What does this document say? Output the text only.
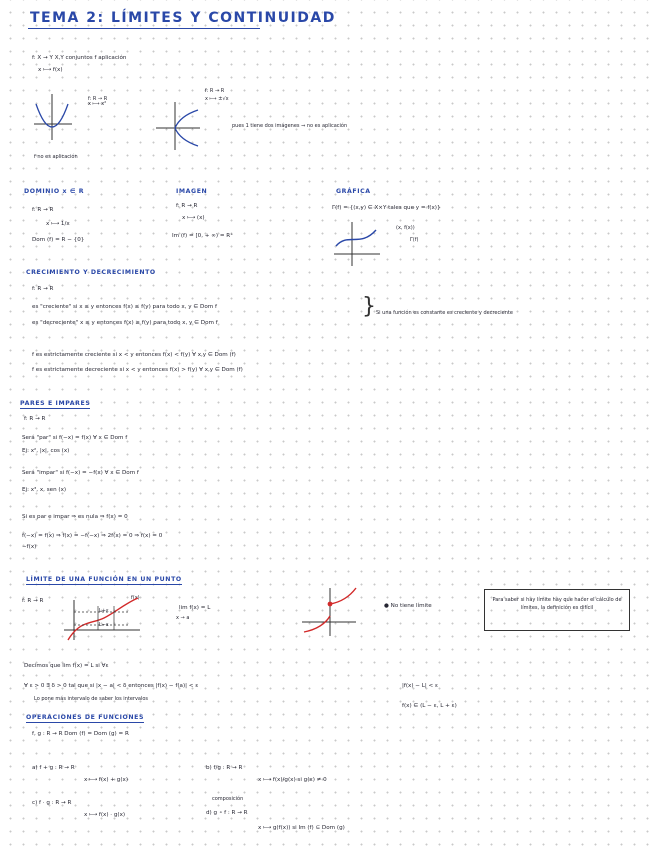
TEMA 2: LÍMITES Y CONTINUIDAD
f: X → Y X,Y conjuntos f aplicación
x ⟼ f(x)
f: R → R
x ⟼ x²
f: R → R
x ⟼ ±√x
pues 1 tiene dos imágenes ⇒ no es aplicación
f no es aplicación
DOMINIO x ∈ R
f: R → R
x ⟼ 1/x
Dom (f) = R − {0}
IMAGEN
f: R → R
x ⟼ (x)
Im (f) = [0, + ∞) = R⁺
GRÁFICA
Γ(f) = {(x,y) ∈ X×Y tales que y = f(x)}
(x, f(x))
Γ(f)
CRECIMIENTO Y DECRECIMIENTO
f: R → R
es "creciente" si x ≤ y entonces f(x) ≤ f(y) para todo x, y ∈ Dom f
es "decreciente" x ≤ y entonces f(x) ≥ f(y) para todo x, y ∈ Dom f
} Si una función es constante es creciente y decreciente
f es estrictamente creciente si x < y entonces f(x) < f(y) ∀ x,y ∈ Dom (f)
f es estrictamente decreciente si x < y entonces f(x) > f(y) ∀ x,y ∈ Dom (f)
PARES E IMPARES
f: R → R
Será "par" si f(−x) = f(x) ∀ x ∈ Dom f
Ej: x², |x|, cos (x)
Será "impar" si f(−x) = −f(x) ∀ x ∈ Dom f
Ej: x³, x, sen (x)
Si es par e impar ⇒ es nula ⇒ f(x) = 0
f(−x) = f(x) ⇒ f(x) = −f(−x) ⇒ 2f(x) = 0 ⇒ f(x) = 0
−f(x)
LÍMITE DE UNA FUNCIÓN EN UN PUNTO
f: R → R	f(x)
L+ε
L−ε
lim f(x) = L
x → a
● No tiene límite
Para saber si hay límite hay que hacer el cálculo de límites, la definición es difícil
Decimos que lim f(x) = L si ∀ε
∀ ε > 0 ∃ δ > 0 tal que si |x − a| < δ entonces |f(x) − f(a)| < ε	|f(x) − L| < ε
Lo pone más intervalo de saber los intervalos
f(x) ∈ (L − ε, L + ε)
OPERACIONES DE FUNCIONES
f, g : R → R Dom (f) = Dom (g) = R
a) f + g : R → R
x ⟼ f(x) + g(x)
b) f/g : R → R
x ⟼ f(x)/g(x) si g(x) ≠ 0
c) f · g : R → R
x ⟼ f(x) · g(x)
composición
d) g ∘ f : R → R
x ⟼ g(f(x)) si Im (f) ⊆ Dom (g)
